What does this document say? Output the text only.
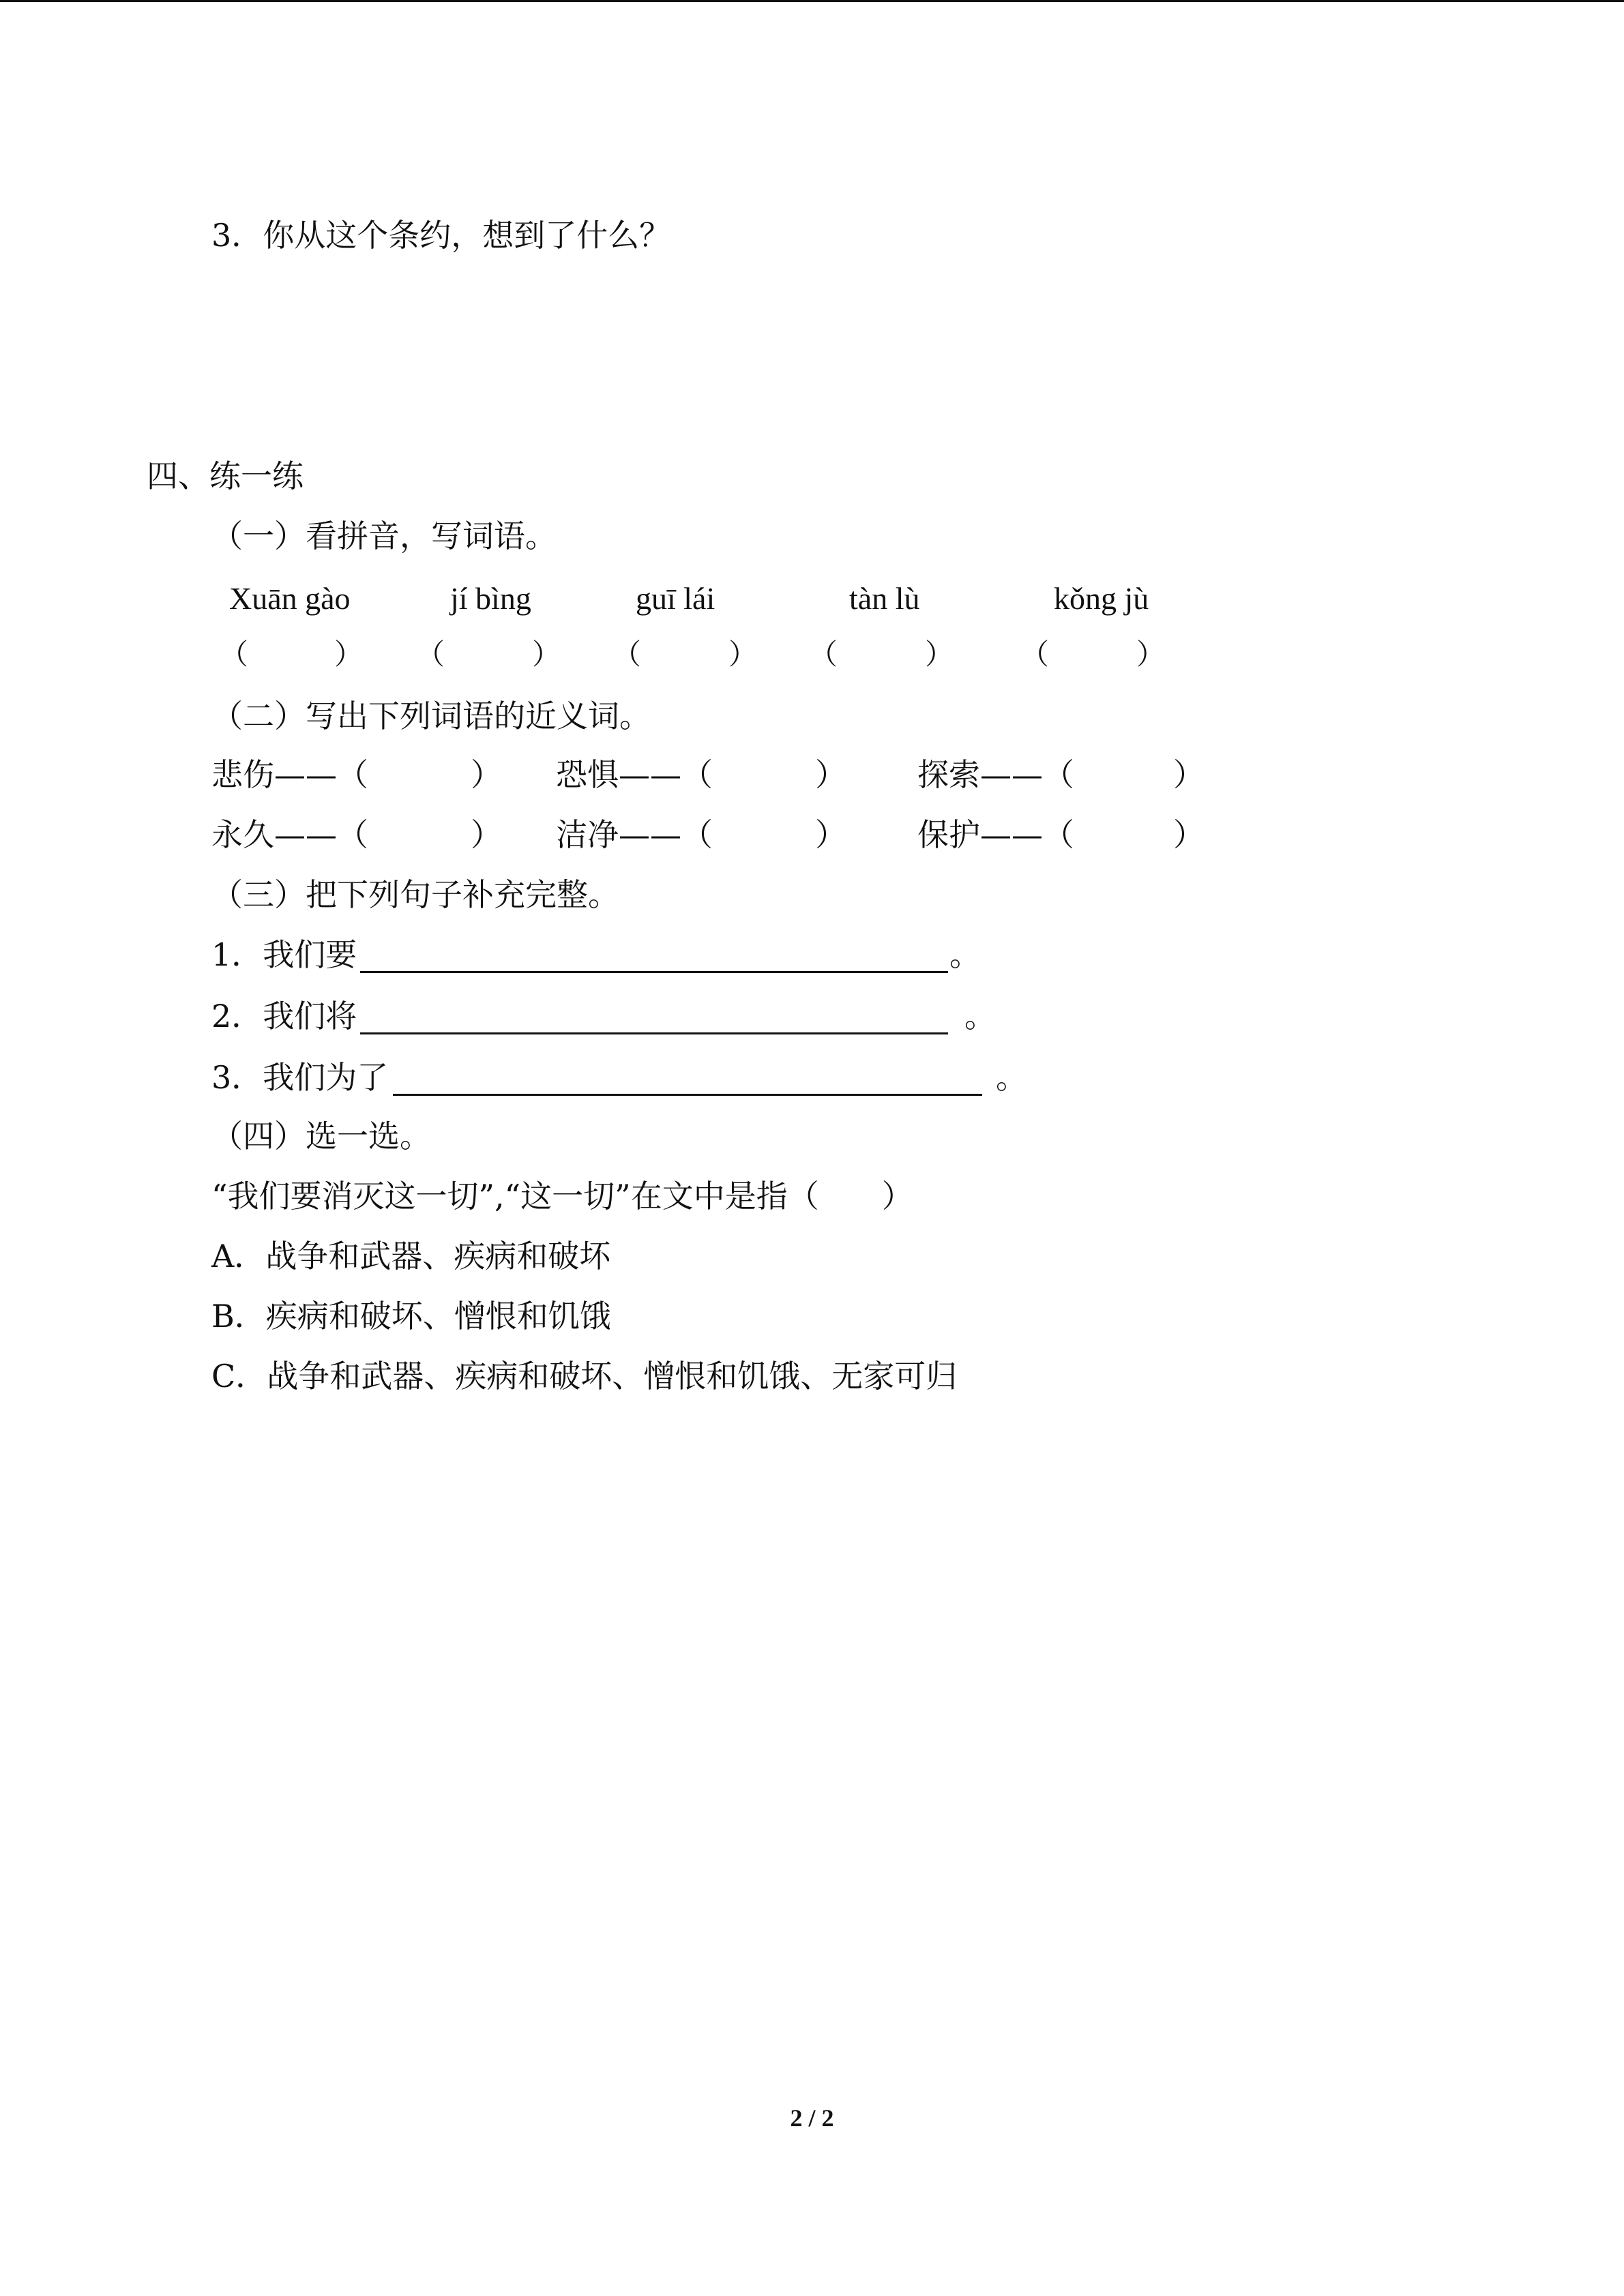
3．你从这个条约，想到了什么？
四、练一练
（一）看拼音，写词语。
Xuān gào	jí bìng	guī lái	tàn lù	kǒng jù
（	） （	） （	） （	） （	）
（二）写出下列词语的近义词。
悲伤——（	） 恐惧——（	） 探索——（	）
永久——（	） 洁净——（	） 保护——（	）
（三）把下列句子补充完整。
1．我们要	。
2．我们将	。
3．我们为了	。
（四）选一选。
“我们要消灭这一切”,“这一切”在文中是指（　　）
A．战争和武器、疾病和破坏
B．疾病和破坏、憎恨和饥饿
C．战争和武器、疾病和破坏、憎恨和饥饿、无家可归
2 / 2
